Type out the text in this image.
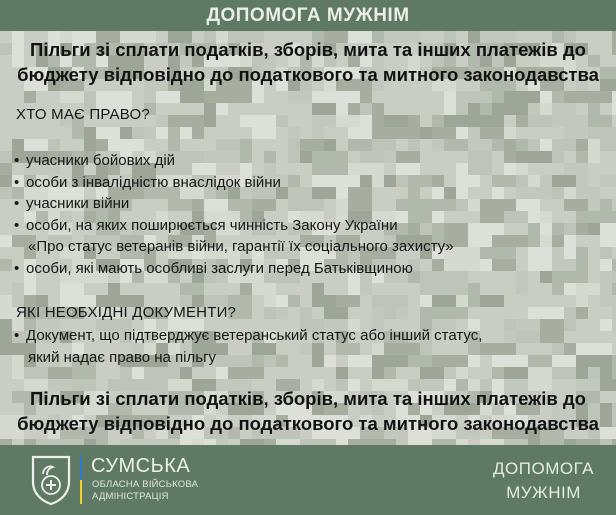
ДОПОМОГА МУЖНІМ
Пільги зі сплати податків, зборів, мита та інших платежів до
бюджету відповідно до податкового та митного законодавства
ХТО МАЄ ПРАВО?
• учасники бойових дій
• особи з інвалідністю внаслідок війни
• учасники війни
• особи, на яких поширюється чинність Закону України
«Про статус ветеранів війни, гарантії їх соціального захисту»
• особи, які мають особливі заслуги перед Батьківщиною
ЯКІ НЕОБХІДНІ ДОКУМЕНТИ?
• Документ, що підтверджує ветеранський статус або інший статус,
який надає право на пільгу
Пільги зі сплати податків, зборів, мита та інших платежів до
бюджету відповідно до податкового та митного законодавства
СУМСЬКА
ОБЛАСНА ВІЙСЬКОВА
АДМІНІСТРАЦІЯ
ДОПОМОГА
МУЖНІМ
